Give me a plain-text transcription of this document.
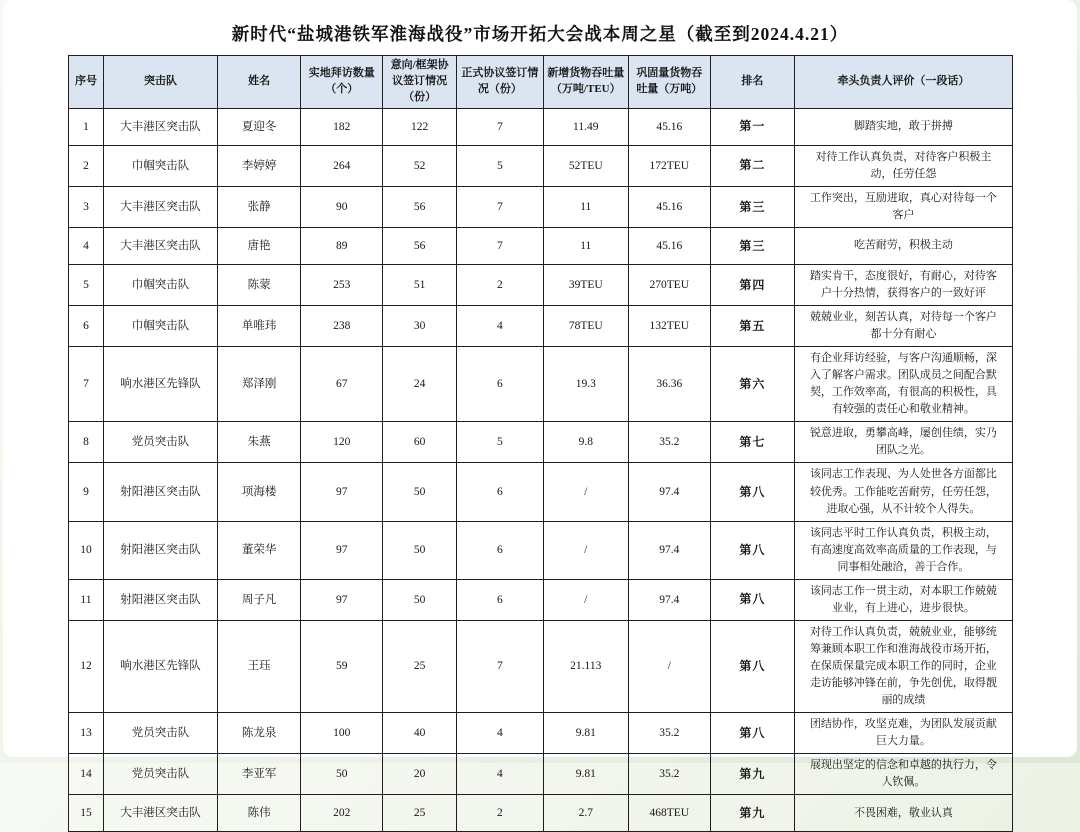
新时代“盐城港铁军淮海战役”市场开拓大会战本周之星（截至到2024.4.21）
序号	突击队	姓名	实地拜访数量（个）	意向/框架协议签订情况（份）	正式协议签订情况（份）	新增货物吞吐量（万吨/TEU）	巩固量货物吞吐量（万吨）	排名	牵头负责人评价（一段话）
1	大丰港区突击队	夏迎冬	182	122	7	11.49	45.16	第一	脚踏实地，敢于拼搏
2	巾帼突击队	李婷婷	264	52	5	52TEU	172TEU	第二	对待工作认真负责，对待客户积极主动，任劳任怨
3	大丰港区突击队	张静	90	56	7	11	45.16	第三	工作突出，互励进取，真心对待每一个客户
4	大丰港区突击队	唐艳	89	56	7	11	45.16	第三	吃苦耐劳，积极主动
5	巾帼突击队	陈蒙	253	51	2	39TEU	270TEU	第四	踏实肯干，态度很好，有耐心，对待客户十分热情，获得客户的一致好评
6	巾帼突击队	单唯玮	238	30	4	78TEU	132TEU	第五	兢兢业业，刻苦认真，对待每一个客户都十分有耐心
7	响水港区先锋队	郑泽刚	67	24	6	19.3	36.36	第六	有企业拜访经验，与客户沟通顺畅，深入了解客户需求。团队成员之间配合默契，工作效率高，有很高的积极性，具有较强的责任心和敬业精神。
8	党员突击队	朱燕	120	60	5	9.8	35.2	第七	锐意进取，勇攀高峰，屡创佳绩，实乃团队之光。
9	射阳港区突击队	项海楼	97	50	6	/	97.4	第八	该同志工作表现、为人处世各方面都比较优秀。工作能吃苦耐劳，任劳任怨，进取心强，从不计较个人得失。
10	射阳港区突击队	董荣华	97	50	6	/	97.4	第八	该同志平时工作认真负责，积极主动，有高速度高效率高质量的工作表现，与同事相处融洽，善于合作。
11	射阳港区突击队	周子凡	97	50	6	/	97.4	第八	该同志工作一贯主动，对本职工作兢兢业业，有上进心，进步很快。
12	响水港区先锋队	王珏	59	25	7	21.113	/	第八	对待工作认真负责，兢兢业业，能够统筹兼顾本职工作和淮海战役市场开拓，在保质保量完成本职工作的同时，企业走访能够冲锋在前，争先创优，取得靓丽的成绩
13	党员突击队	陈龙泉	100	40	4	9.81	35.2	第八	团结协作，攻坚克难，为团队发展贡献巨大力量。
14	党员突击队	李亚军	50	20	4	9.81	35.2	第九	展现出坚定的信念和卓越的执行力，令人钦佩。
15	大丰港区突击队	陈伟	202	25	2	2.7	468TEU	第九	不畏困难，敬业认真
